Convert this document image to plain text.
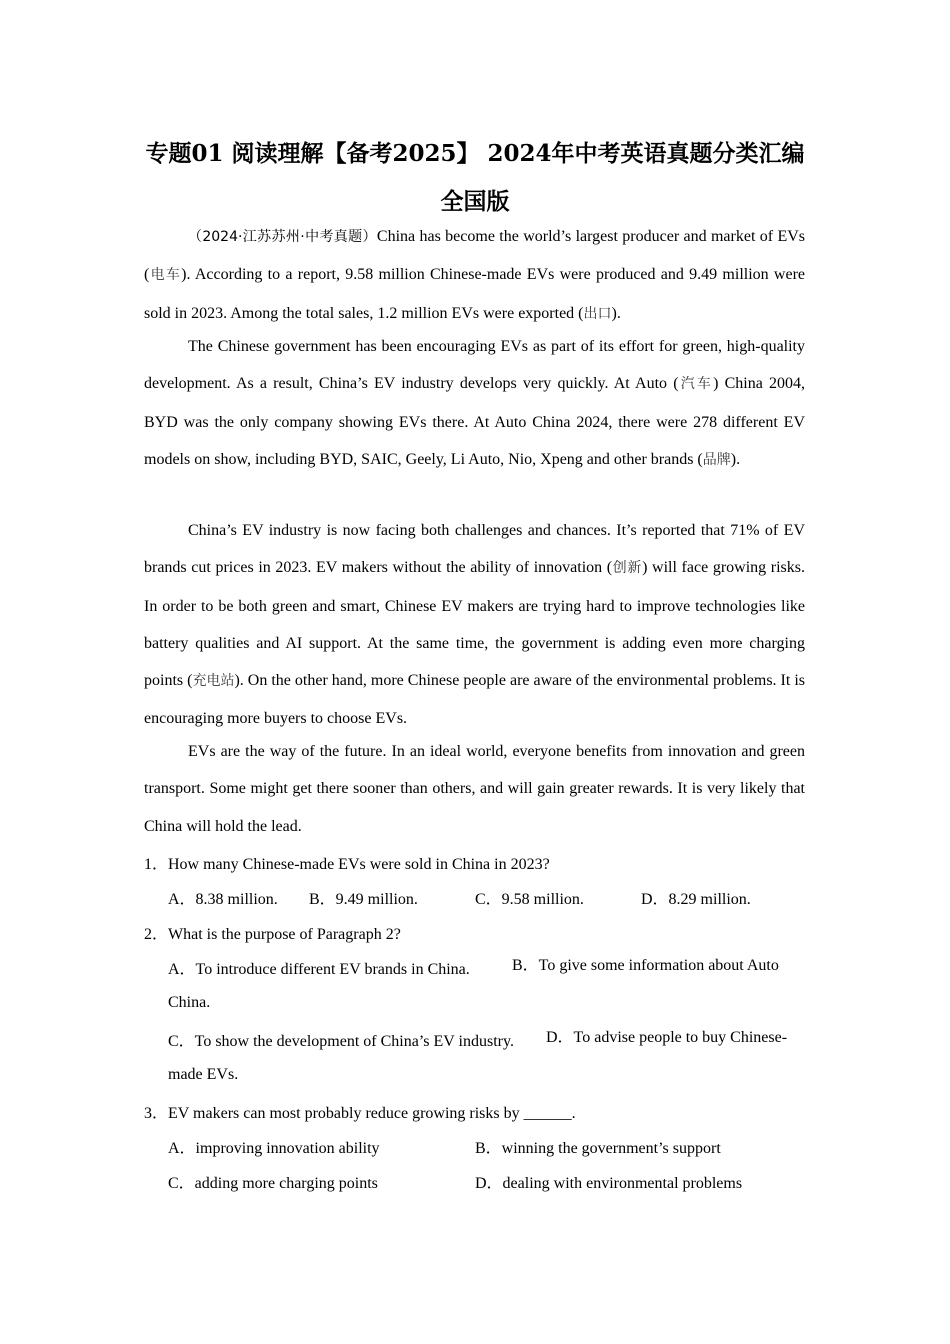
专题01 阅读理解【备考2025】 2024年中考英语真题分类汇编
全国版

（2024·江苏苏州·中考真题）China has become the world’s largest producer and market of EVs (电车). According to a report, 9.58 million Chinese-made EVs were produced and 9.49 million were sold in 2023. Among the total sales, 1.2 million EVs were exported (出口).

The Chinese government has been encouraging EVs as part of its effort for green, high-quality development. As a result, China’s EV industry develops very quickly. At Auto (汽车) China 2004, BYD was the only company showing EVs there. At Auto China 2024, there were 278 different EV models on show, including BYD, SAIC, Geely, Li Auto, Nio, Xpeng and other brands (品牌).

China’s EV industry is now facing both challenges and chances. It’s reported that 71% of EV brands cut prices in 2023. EV makers without the ability of innovation (创新) will face growing risks. In order to be both green and smart, Chinese EV makers are trying hard to improve technologies like battery qualities and AI support. At the same time, the government is adding even more charging points (充电站). On the other hand, more Chinese people are aware of the environmental problems. It is encouraging more buyers to choose EVs.

EVs are the way of the future. In an ideal world, everyone benefits from innovation and green transport. Some might get there sooner than others, and will gain greater rewards. It is very likely that China will hold the lead.

1．How many Chinese-made EVs were sold in China in 2023?
A．8.38 million. B．9.49 million.	C．9.58 million.	D．8.29 million.
2．What is the purpose of Paragraph 2?
A．To introduce different EV brands in China.	B．To give some information about Auto China.
C．To show the development of China’s EV industry.	D．To advise people to buy Chinese-made EVs.
3．EV makers can most probably reduce growing risks by ______.
A．improving innovation ability	B．winning the government’s support
C．adding more charging points	D．dealing with environmental problems
